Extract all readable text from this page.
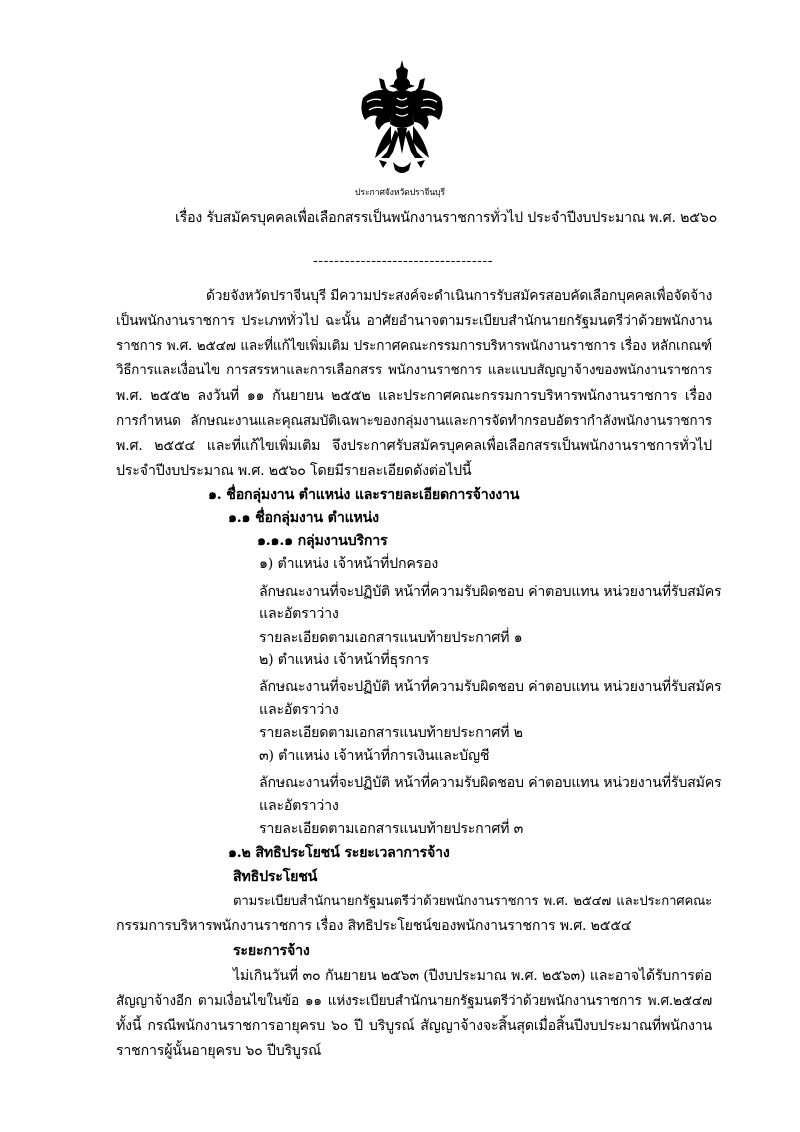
ประกาศจังหวัดปราจีนบุรี
เรื่อง รับสมัครบุคคลเพื่อเลือกสรรเป็นพนักงานราชการทั่วไป ประจำปีงบประมาณ พ.ศ. ๒๕๖๐
----------------------------------
ด้วยจังหวัดปราจีนบุรี มีความประสงค์จะดำเนินการรับสมัครสอบคัดเลือกบุคคลเพื่อจัดจ้าง
เป็นพนักงานราชการ ประเภททั่วไป ฉะนั้น อาศัยอำนาจตามระเบียบสำนักนายกรัฐมนตรีว่าด้วยพนักงาน
ราชการ พ.ศ. ๒๕๔๗ และที่แก้ไขเพิ่มเติม ประกาศคณะกรรมการบริหารพนักงานราชการ เรื่อง หลักเกณฑ์
วิธีการและเงื่อนไข การสรรหาและการเลือกสรร พนักงานราชการ และแบบสัญญาจ้างของพนักงานราชการ
พ.ศ. ๒๕๕๒ ลงวันที่ ๑๑ กันยายน ๒๕๕๒ และประกาศคณะกรรมการบริหารพนักงานราชการ เรื่อง
การกำหนด ลักษณะงานและคุณสมบัติเฉพาะของกลุ่มงานและการจัดทำกรอบอัตรากำลังพนักงานราชการ
พ.ศ. ๒๕๕๔ และที่แก้ไขเพิ่มเติม จึงประกาศรับสมัครบุคคลเพื่อเลือกสรรเป็นพนักงานราชการทั่วไป
ประจำปีงบประมาณ พ.ศ. ๒๕๖๐ โดยมีรายละเอียดดังต่อไปนี้
๑. ชื่อกลุ่มงาน ตำแหน่ง และรายละเอียดการจ้างงาน
๑.๑ ชื่อกลุ่มงาน ตำแหน่ง
๑.๑.๑ กลุ่มงานบริการ
๑) ตำแหน่ง เจ้าหน้าที่ปกครอง
ลักษณะงานที่จะปฏิบัติ หน้าที่ความรับผิดชอบ ค่าตอบแทน หน่วยงานที่รับสมัคร
และอัตราว่าง
รายละเอียดตามเอกสารแนบท้ายประกาศที่ ๑
๒) ตำแหน่ง เจ้าหน้าที่ธุรการ
ลักษณะงานที่จะปฏิบัติ หน้าที่ความรับผิดชอบ ค่าตอบแทน หน่วยงานที่รับสมัคร
และอัตราว่าง
รายละเอียดตามเอกสารแนบท้ายประกาศที่ ๒
๓) ตำแหน่ง เจ้าหน้าที่การเงินและบัญชี
ลักษณะงานที่จะปฏิบัติ หน้าที่ความรับผิดชอบ ค่าตอบแทน หน่วยงานที่รับสมัคร
และอัตราว่าง
รายละเอียดตามเอกสารแนบท้ายประกาศที่ ๓
๑.๒ สิทธิประโยชน์ ระยะเวลาการจ้าง
สิทธิประโยชน์
ตามระเบียบสำนักนายกรัฐมนตรีว่าด้วยพนักงานราชการ พ.ศ. ๒๕๔๗ และประกาศคณะ
กรรมการบริหารพนักงานราชการ เรื่อง สิทธิประโยชน์ของพนักงานราชการ พ.ศ. ๒๕๕๔
ระยะการจ้าง
ไม่เกินวันที่ ๓๐ กันยายน ๒๕๖๓ (ปีงบประมาณ พ.ศ. ๒๕๖๓) และอาจได้รับการต่อ
สัญญาจ้างอีก ตามเงื่อนไขในข้อ ๑๑ แห่งระเบียบสำนักนายกรัฐมนตรีว่าด้วยพนักงานราชการ พ.ศ.๒๕๔๗
ทั้งนี้ กรณีพนักงานราชการอายุครบ ๖๐ ปี บริบูรณ์ สัญญาจ้างจะสิ้นสุดเมื่อสิ้นปีงบประมาณที่พนักงาน
ราชการผู้นั้นอายุครบ ๖๐ ปีบริบูรณ์
